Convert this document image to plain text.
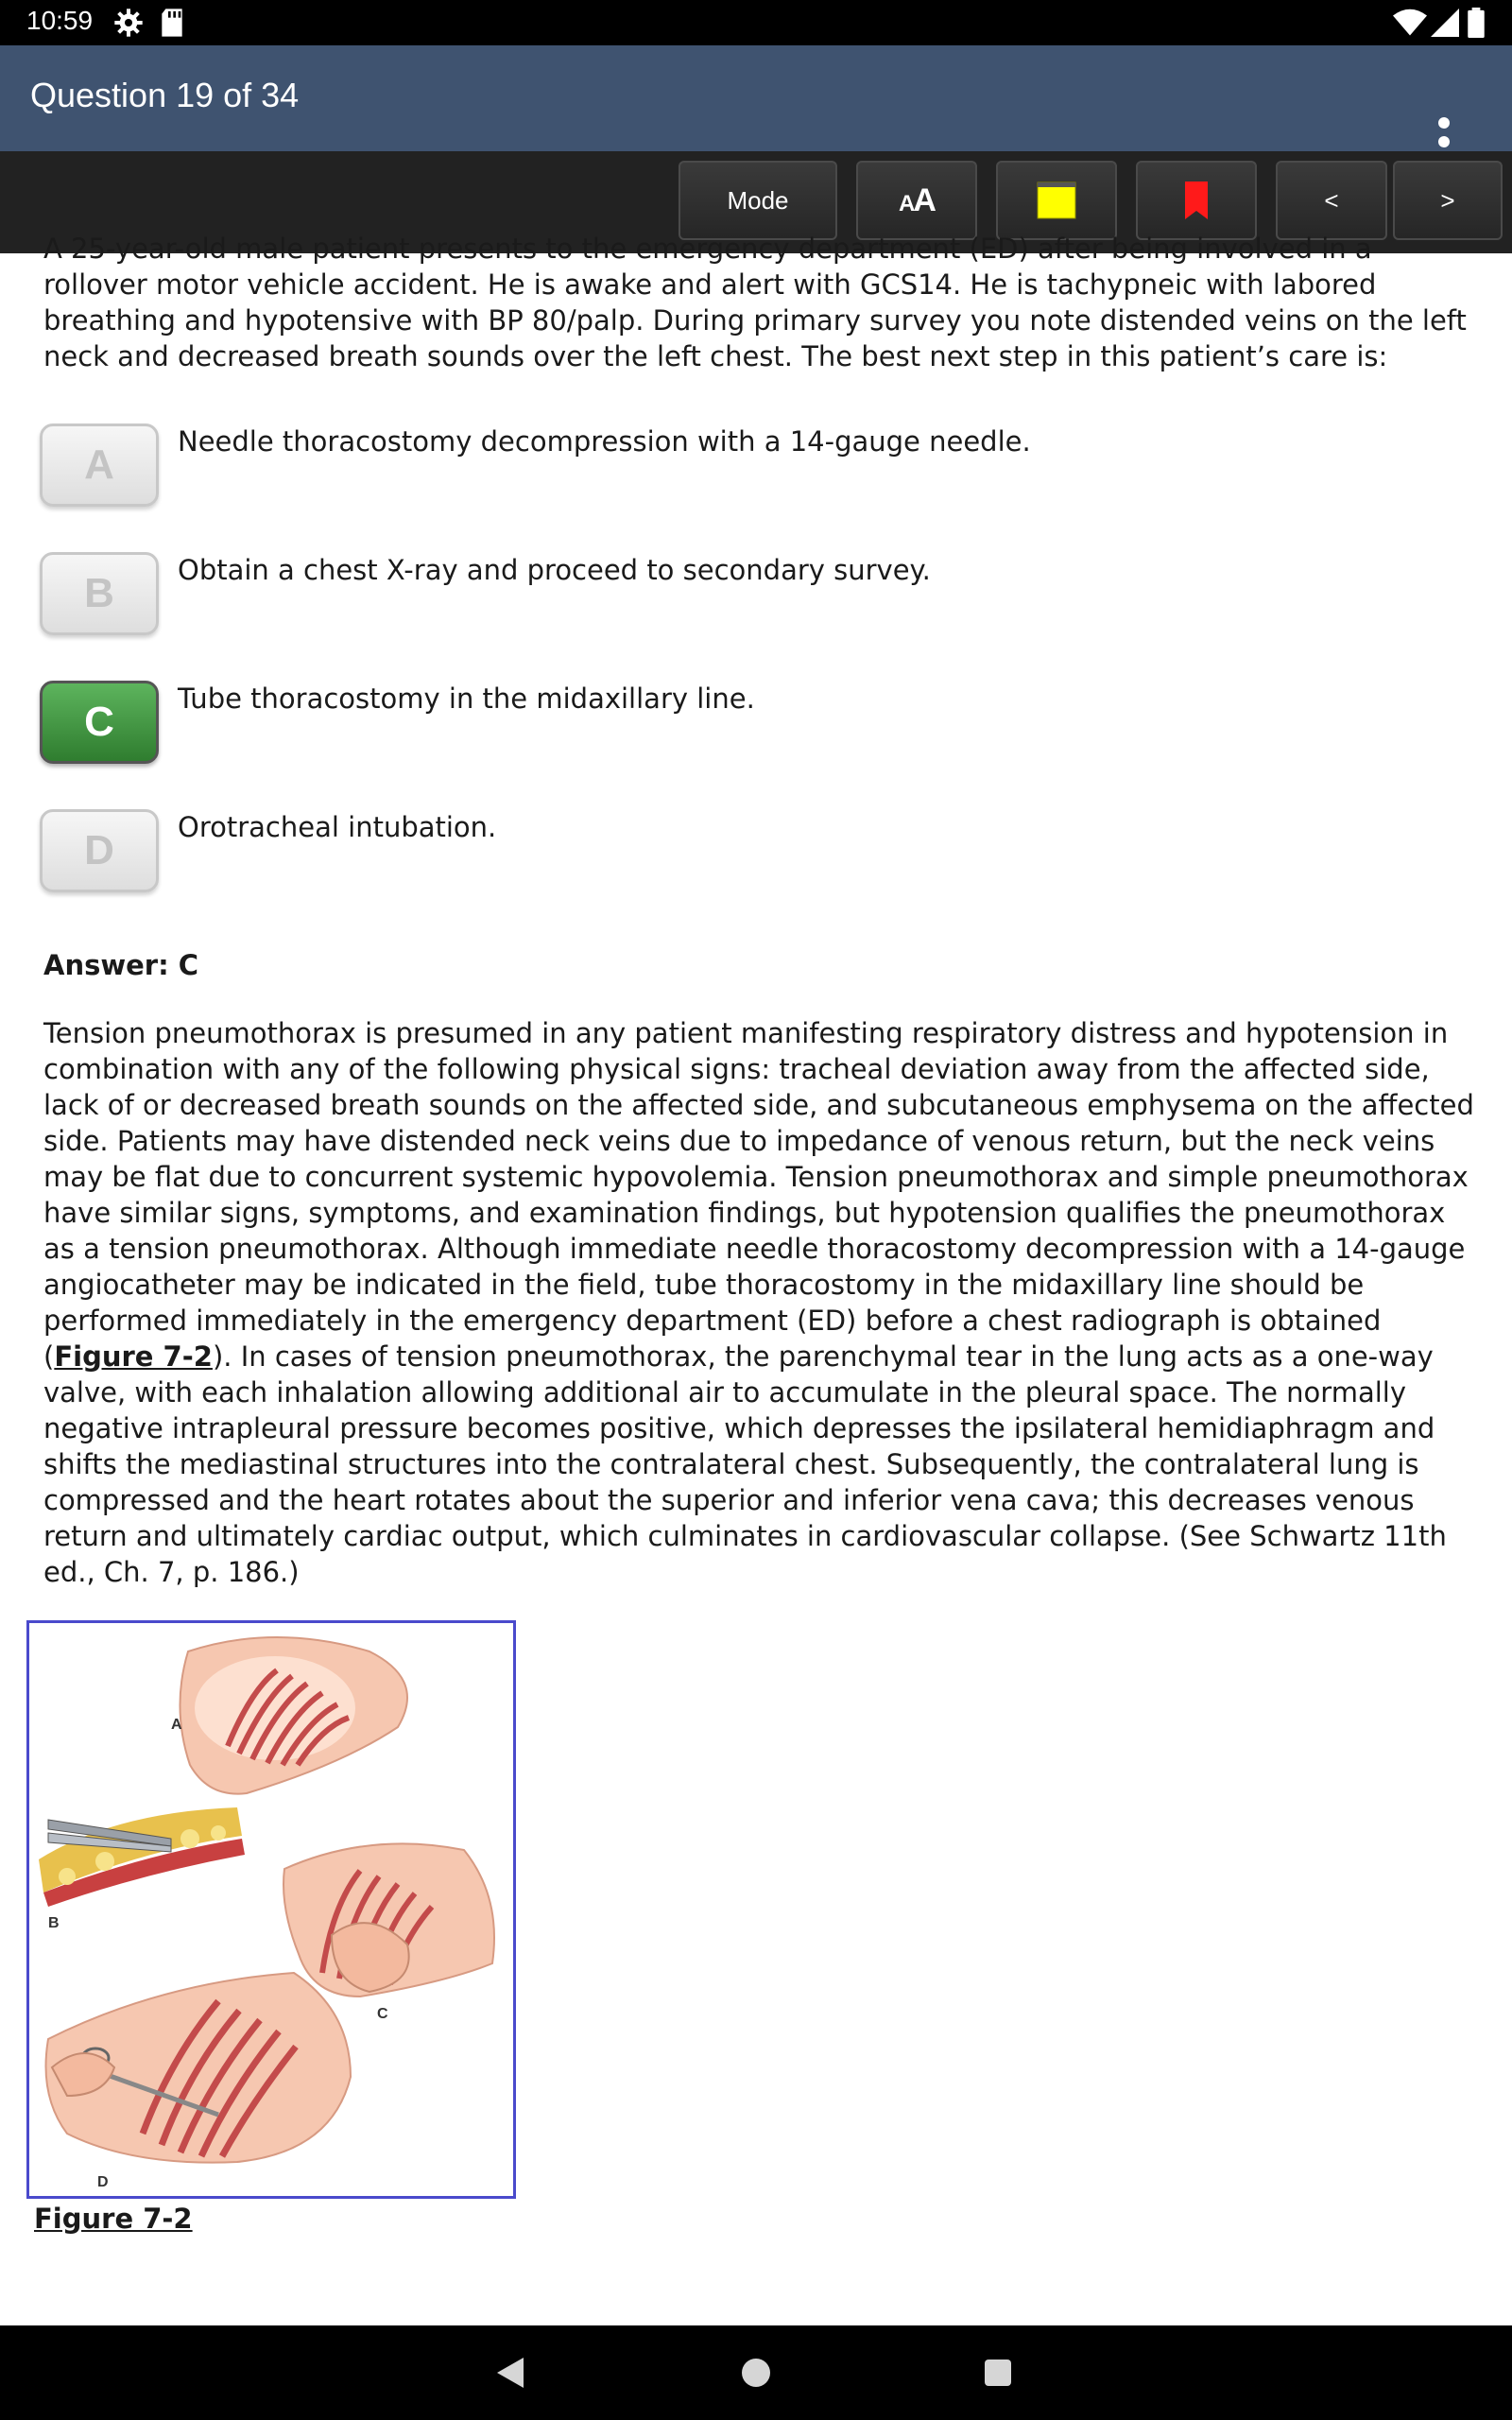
10:59
Question 19 of 34
Mode	AA	<	>

A 25-year-old male patient presents to the emergency department (ED) after being involved in a rollover motor vehicle accident. He is awake and alert with GCS14. He is tachypneic with labored breathing and hypotensive with BP 80/palp. During primary survey you note distended veins on the left neck and decreased breath sounds over the left chest. The best next step in this patient’s care is:

A	Needle thoracostomy decompression with a 14-gauge needle.
B	Obtain a chest X-ray and proceed to secondary survey.
C	Tube thoracostomy in the midaxillary line.
D	Orotracheal intubation.
Answer: C

Tension pneumothorax is presumed in any patient manifesting respiratory distress and hypotension in combination with any of the following physical signs: tracheal deviation away from the affected side, lack of or decreased breath sounds on the affected side, and subcutaneous emphysema on the affected side. Patients may have distended neck veins due to impedance of venous return, but the neck veins may be flat due to concurrent systemic hypovolemia. Tension pneumothorax and simple pneumothorax have similar signs, symptoms, and examination findings, but hypotension qualifies the pneumothorax as a tension pneumothorax. Although immediate needle thoracostomy decompression with a 14-gauge angiocatheter may be indicated in the field, tube thoracostomy in the midaxillary line should be performed immediately in the emergency department (ED) before a chest radiograph is obtained (Figure 7-2). In cases of tension pneumothorax, the parenchymal tear in the lung acts as a one-way valve, with each inhalation allowing additional air to accumulate in the pleural space. The normally negative intrapleural pressure becomes positive, which depresses the ipsilateral hemidiaphragm and shifts the mediastinal structures into the contralateral chest. Subsequently, the contralateral lung is compressed and the heart rotates about the superior and inferior vena cava; this decreases venous return and ultimately cardiac output, which culminates in cardiovascular collapse. (See Schwartz 11th ed., Ch. 7, p. 186.)

A
B
C
D
Figure 7-2
